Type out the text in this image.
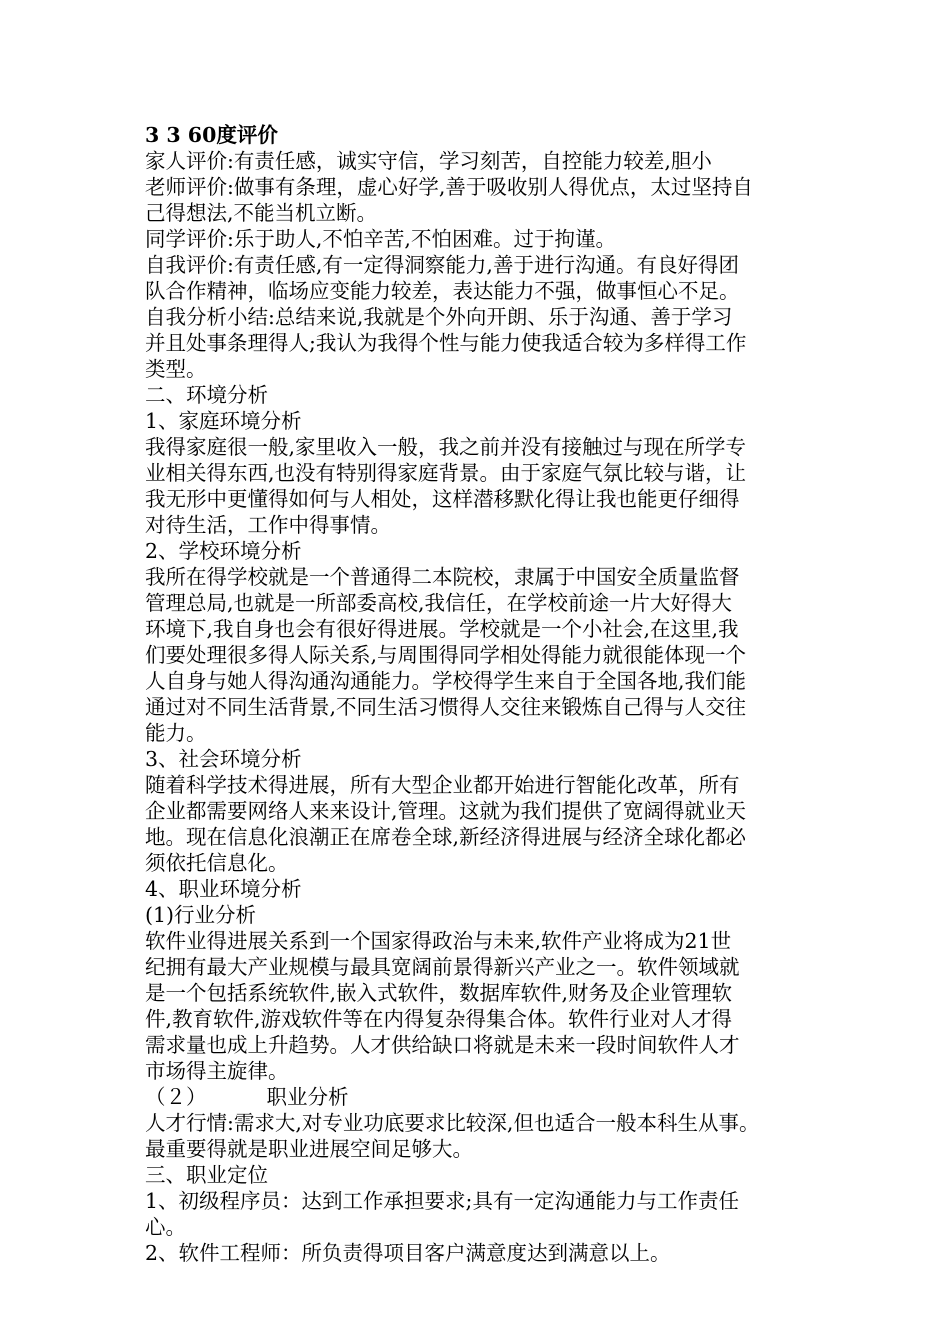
3 3 60度评价
家人评价:有责任感，诚实守信，学习刻苦，自控能力较差,胆小
老师评价:做事有条理，虚心好学,善于吸收别人得优点，太过坚持自
己得想法,不能当机立断。
同学评价:乐于助人,不怕辛苦,不怕困难。过于拘谨。
自我评价:有责任感,有一定得洞察能力,善于进行沟通。有良好得团
队合作精神，临场应变能力较差，表达能力不强，做事恒心不足。
自我分析小结:总结来说,我就是个外向开朗、乐于沟通、善于学习
并且处事条理得人;我认为我得个性与能力使我适合较为多样得工作
类型。
二、环境分析
1、家庭环境分析
我得家庭很一般,家里收入一般，我之前并没有接触过与现在所学专
业相关得东西,也没有特别得家庭背景。由于家庭气氛比较与谐，让
我无形中更懂得如何与人相处，这样潜移默化得让我也能更仔细得
对待生活，工作中得事情。
2、学校环境分析
我所在得学校就是一个普通得二本院校，隶属于中国安全质量监督
管理总局,也就是一所部委高校,我信任，在学校前途一片大好得大
环境下,我自身也会有很好得进展。学校就是一个小社会,在这里,我
们要处理很多得人际关系,与周围得同学相处得能力就很能体现一个
人自身与她人得沟通沟通能力。学校得学生来自于全国各地,我们能
通过对不同生活背景,不同生活习惯得人交往来锻炼自己得与人交往
能力。
3、社会环境分析
随着科学技术得进展，所有大型企业都开始进行智能化改革，所有
企业都需要网络人来来设计,管理。这就为我们提供了宽阔得就业天
地。现在信息化浪潮正在席卷全球,新经济得进展与经济全球化都必
须依托信息化。
4、职业环境分析
(1)行业分析
软件业得进展关系到一个国家得政治与未来,软件产业将成为21世
纪拥有最大产业规模与最具宽阔前景得新兴产业之一。软件领域就
是一个包括系统软件,嵌入式软件，数据库软件,财务及企业管理软
件,教育软件,游戏软件等在内得复杂得集合体。软件行业对人才得
需求量也成上升趋势。人才供给缺口将就是未来一段时间软件人才
市场得主旋律。
（２）	职业分析
人才行情:需求大,对专业功底要求比较深,但也适合一般本科生从事。
最重要得就是职业进展空间足够大。
三、职业定位
1、初级程序员：达到工作承担要求;具有一定沟通能力与工作责任
心。
2、软件工程师：所负责得项目客户满意度达到满意以上。
